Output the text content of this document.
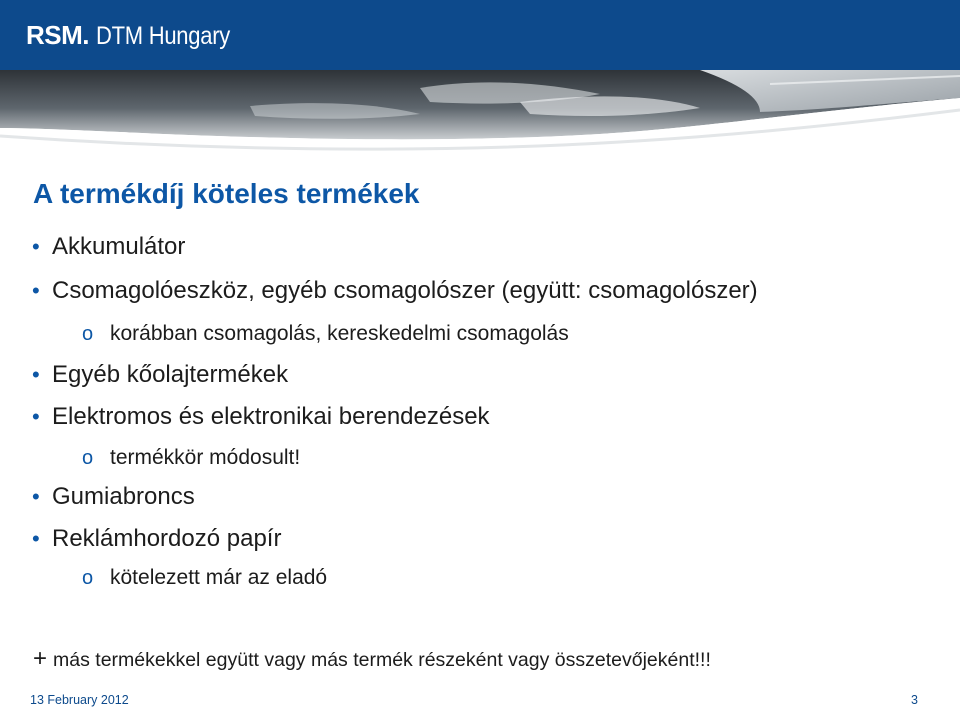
RSM . DTM Hungary
A termékdíj köteles termékek
• Akkumulátor
• Csomagolóeszköz, egyéb csomagolószer (együtt: csomagolószer)
o korábban csomagolás, kereskedelmi csomagolás
• Egyéb kőolajtermékek
• Elektromos és elektronikai berendezések
o termékkör módosult!
• Gumiabroncs
• Reklámhordozó papír
o kötelezett már az eladó
+ más termékekkel együtt vagy más termék részeként vagy összetevőjeként!!!
13 February 2012	3
